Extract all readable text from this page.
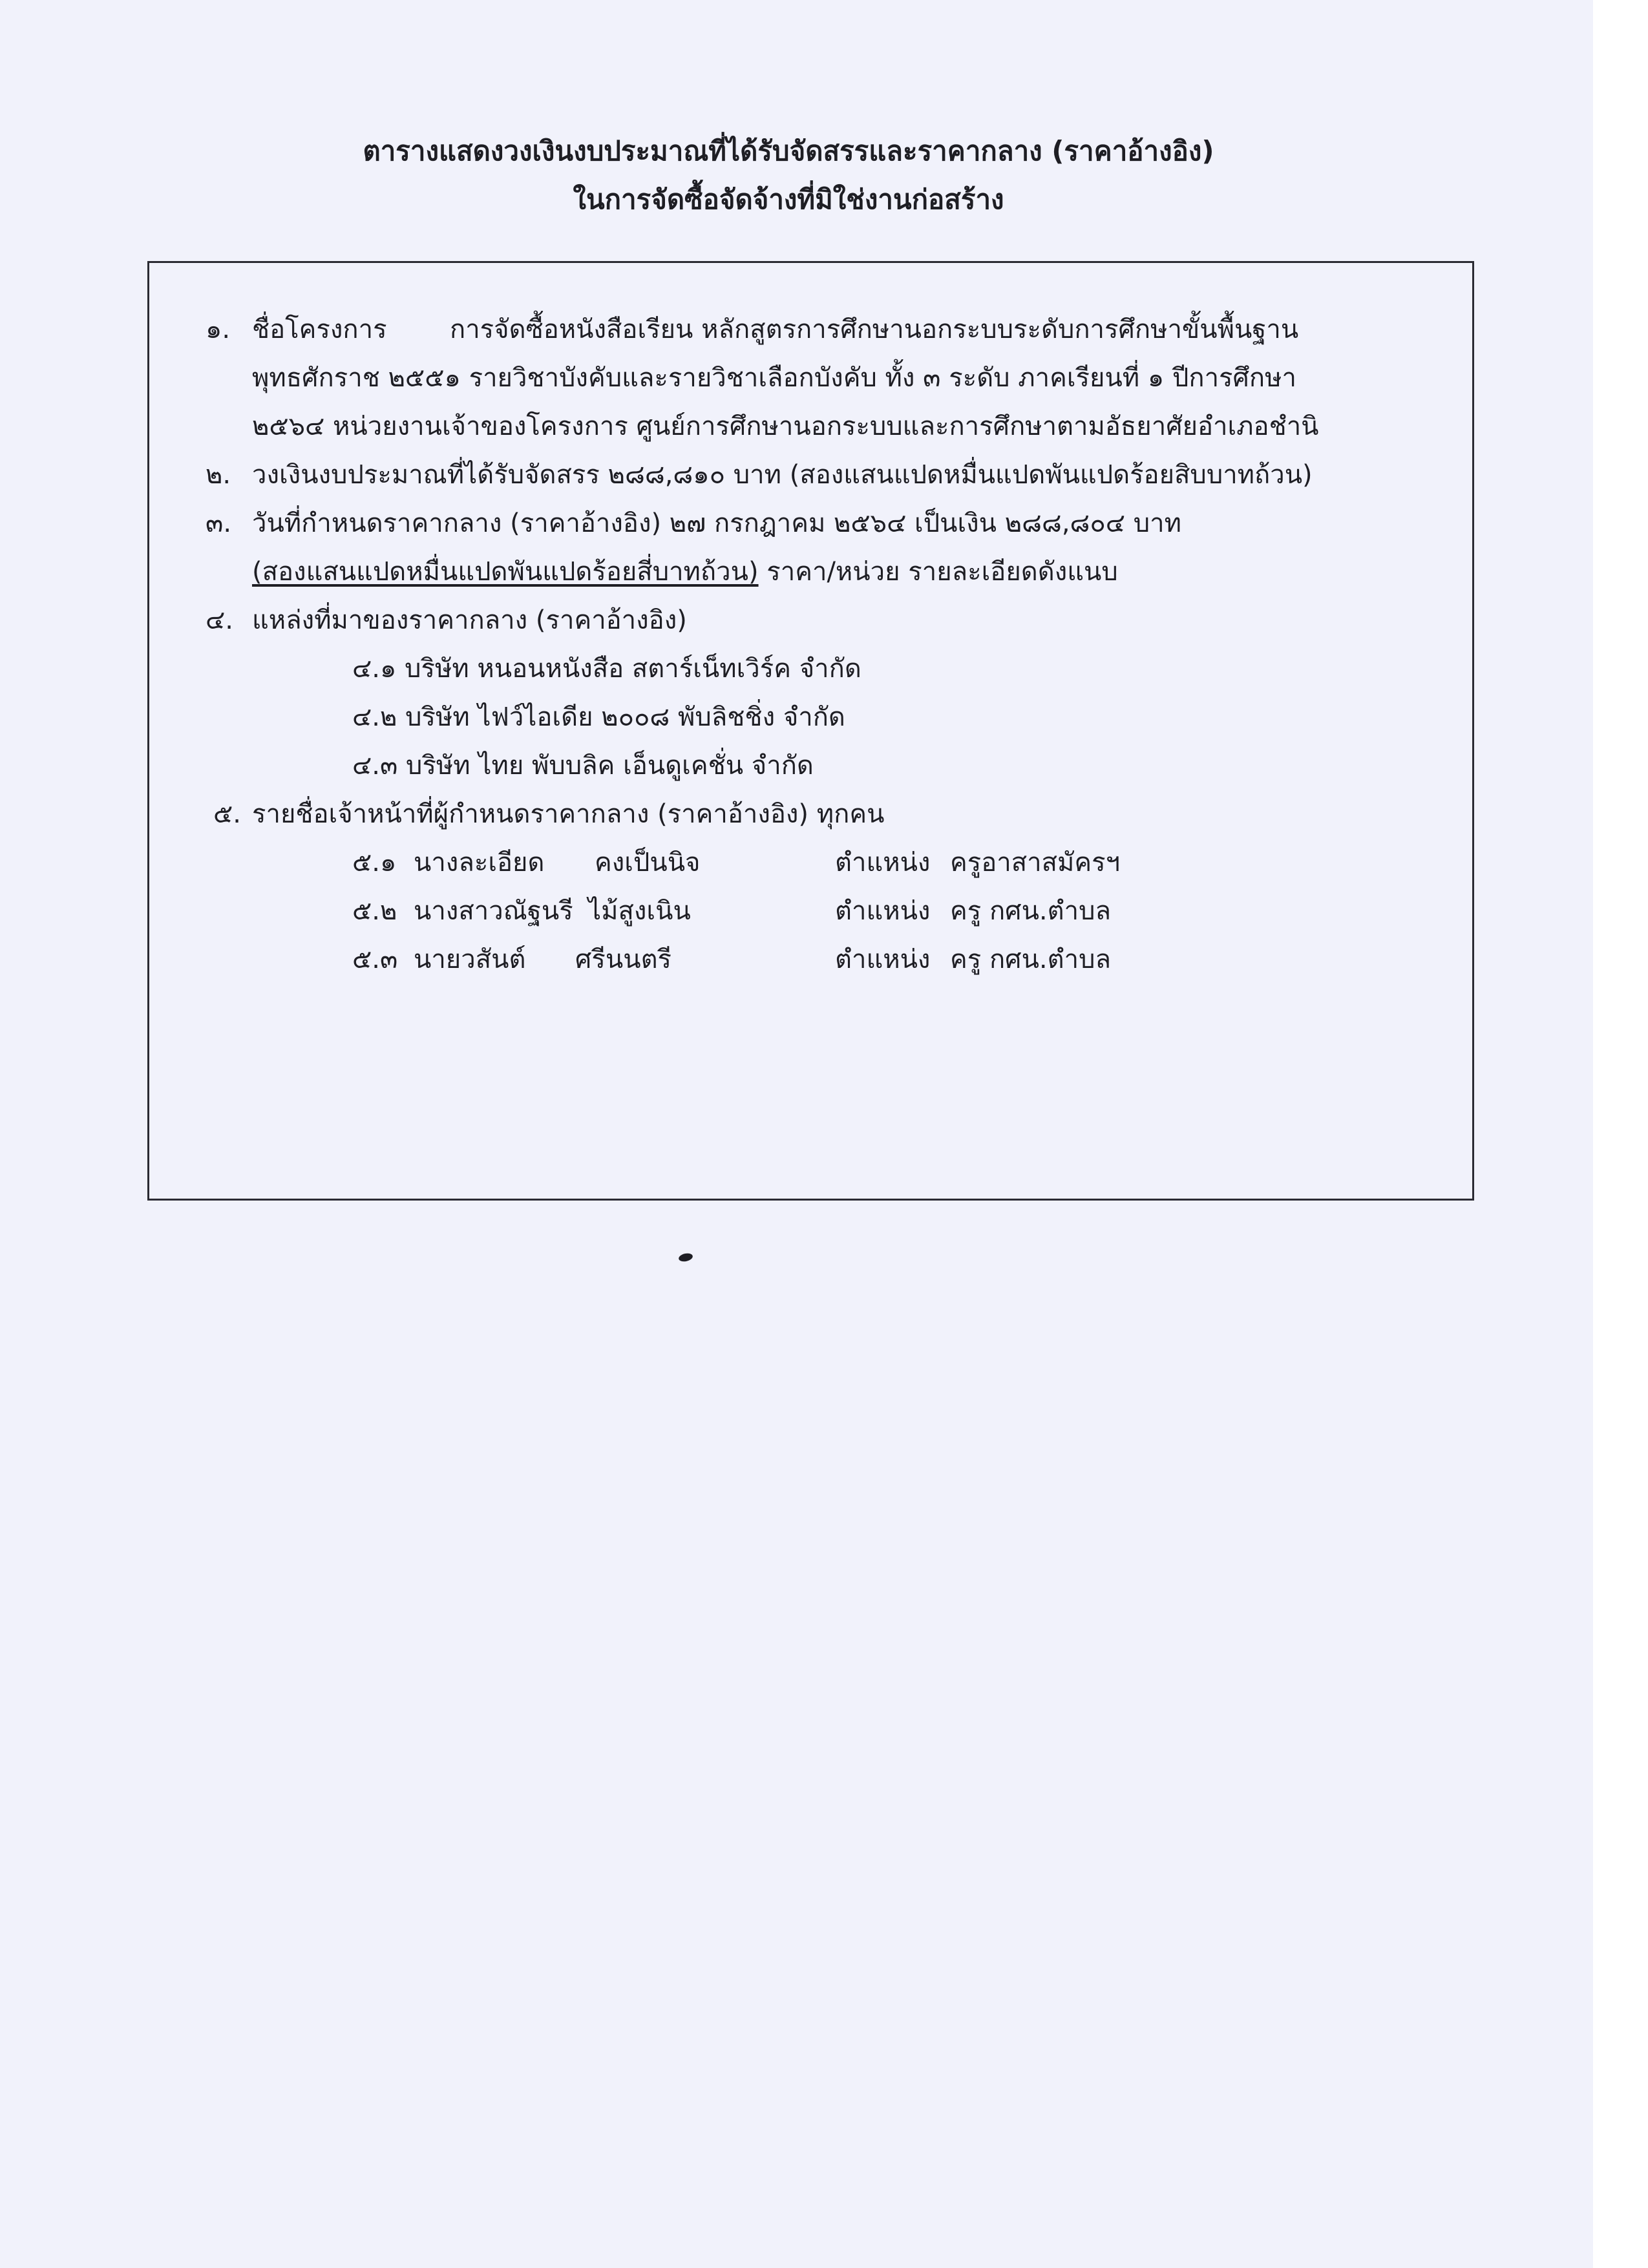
ตารางแสดงวงเงินงบประมาณที่ได้รับจัดสรรและราคากลาง (ราคาอ้างอิง)
ในการจัดซื้อจัดจ้างที่มิใช่งานก่อสร้าง
๑. ชื่อโครงการ การจัดซื้อหนังสือเรียน หลักสูตรการศึกษานอกระบบระดับการศึกษาขั้นพื้นฐาน
พุทธศักราช ๒๕๕๑ รายวิชาบังคับและรายวิชาเลือกบังคับ ทั้ง ๓ ระดับ ภาคเรียนที่ ๑ ปีการศึกษา
๒๕๖๔ หน่วยงานเจ้าของโครงการ ศูนย์การศึกษานอกระบบและการศึกษาตามอัธยาศัยอำเภอชำนิ
๒. วงเงินงบประมาณที่ได้รับจัดสรร ๒๘๘,๘๑๐ บาท (สองแสนแปดหมื่นแปดพันแปดร้อยสิบบาทถ้วน)
๓. วันที่กำหนดราคากลาง (ราคาอ้างอิง) ๒๗ กรกฎาคม ๒๕๖๔ เป็นเงิน ๒๘๘,๘๐๔ บาท
(สองแสนแปดหมื่นแปดพันแปดร้อยสี่บาทถ้วน) ราคา/หน่วย รายละเอียดดังแนบ
๔. แหล่งที่มาของราคากลาง (ราคาอ้างอิง)
๔.๑ บริษัท หนอนหนังสือ สตาร์เน็ทเวิร์ค จำกัด
๔.๒ บริษัท ไฟว์ไอเดีย ๒๐๐๘ พับลิชชิ่ง จำกัด
๔.๓ บริษัท ไทย พับบลิค เอ็นดูเคชั่น จำกัด
๕. รายชื่อเจ้าหน้าที่ผู้กำหนดราคากลาง (ราคาอ้างอิง) ทุกคน
๕.๑ นางละเอียด คงเป็นนิจ	ตำแหน่ง ครูอาสาสมัครฯ
๕.๒ นางสาวณัฐนรี ไม้สูงเนิน	ตำแหน่ง ครู กศน.ตำบล
๕.๓ นายวสันต์ ศรีนนตรี	ตำแหน่ง ครู กศน.ตำบล
